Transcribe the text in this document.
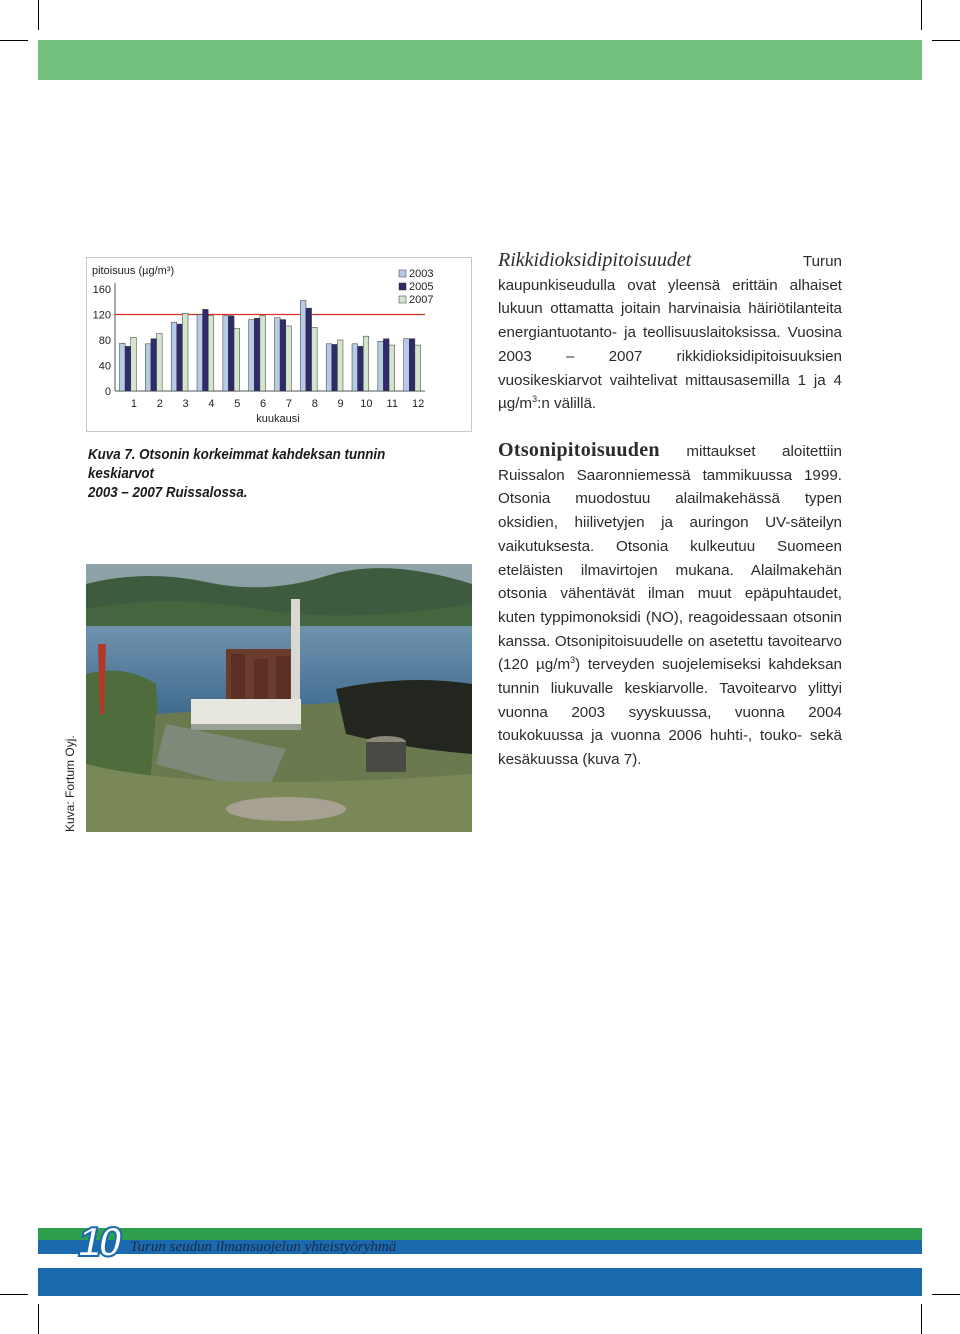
pitoisuus (µg/m³)
0
40
80
120
160
1 2 3 4 5 6 7 8 9 10 11 12
kuukausi
2003
2005
2007
Kuva 7. Otsonin korkeimmat kahdeksan tunnin keskiarvot
2003 – 2007 Ruissalossa.
Kuva: Fortum Oyj.
Rikkidioksidipitoisuudet Turun kaupunkiseudulla ovat yleensä erittäin alhaiset lukuun ottamatta joitain harvinaisia häiriötilanteita energiantuotanto- ja teollisuuslaitoksissa. Vuosina 2003 – 2007 rikkidioksidipitoisuuksien vuosikeskiarvot vaihtelivat mittausasemilla 1 ja 4 $\mu g/m^3:n$ välillä.
Otsonipitoisuuden mittaukset aloitettiin Ruissalon Saaronniemessä tammikuussa 1999. Otsonia muodostuu alailmakehässä typen oksidien, hiilivetyjen ja auringon UV-säteilyn vaikutuksesta. Otsonia kulkeutuu Suomeen eteläisten ilmavirtojen mukana. Alailmakehän otsonia vähentävät ilman muut epäpuhtaudet, kuten typpimonoksidi (NO), reagoidessaan otsonin kanssa. Otsonipitoisuudelle on asetettu tavoitearvo (120 $\mu g/m^3$) terveyden suojelemiseksi kahdeksan tunnin liukuvalle keskiarvolle. Tavoitearvo ylittyi vuonna 2003 syyskuussa, vuonna 2004 toukokuussa ja vuonna 2006 huhti-, touko- sekä kesäkuussa (kuva 7).
10 Turun seudun ilmansuojelun yhteistyöryhmä
